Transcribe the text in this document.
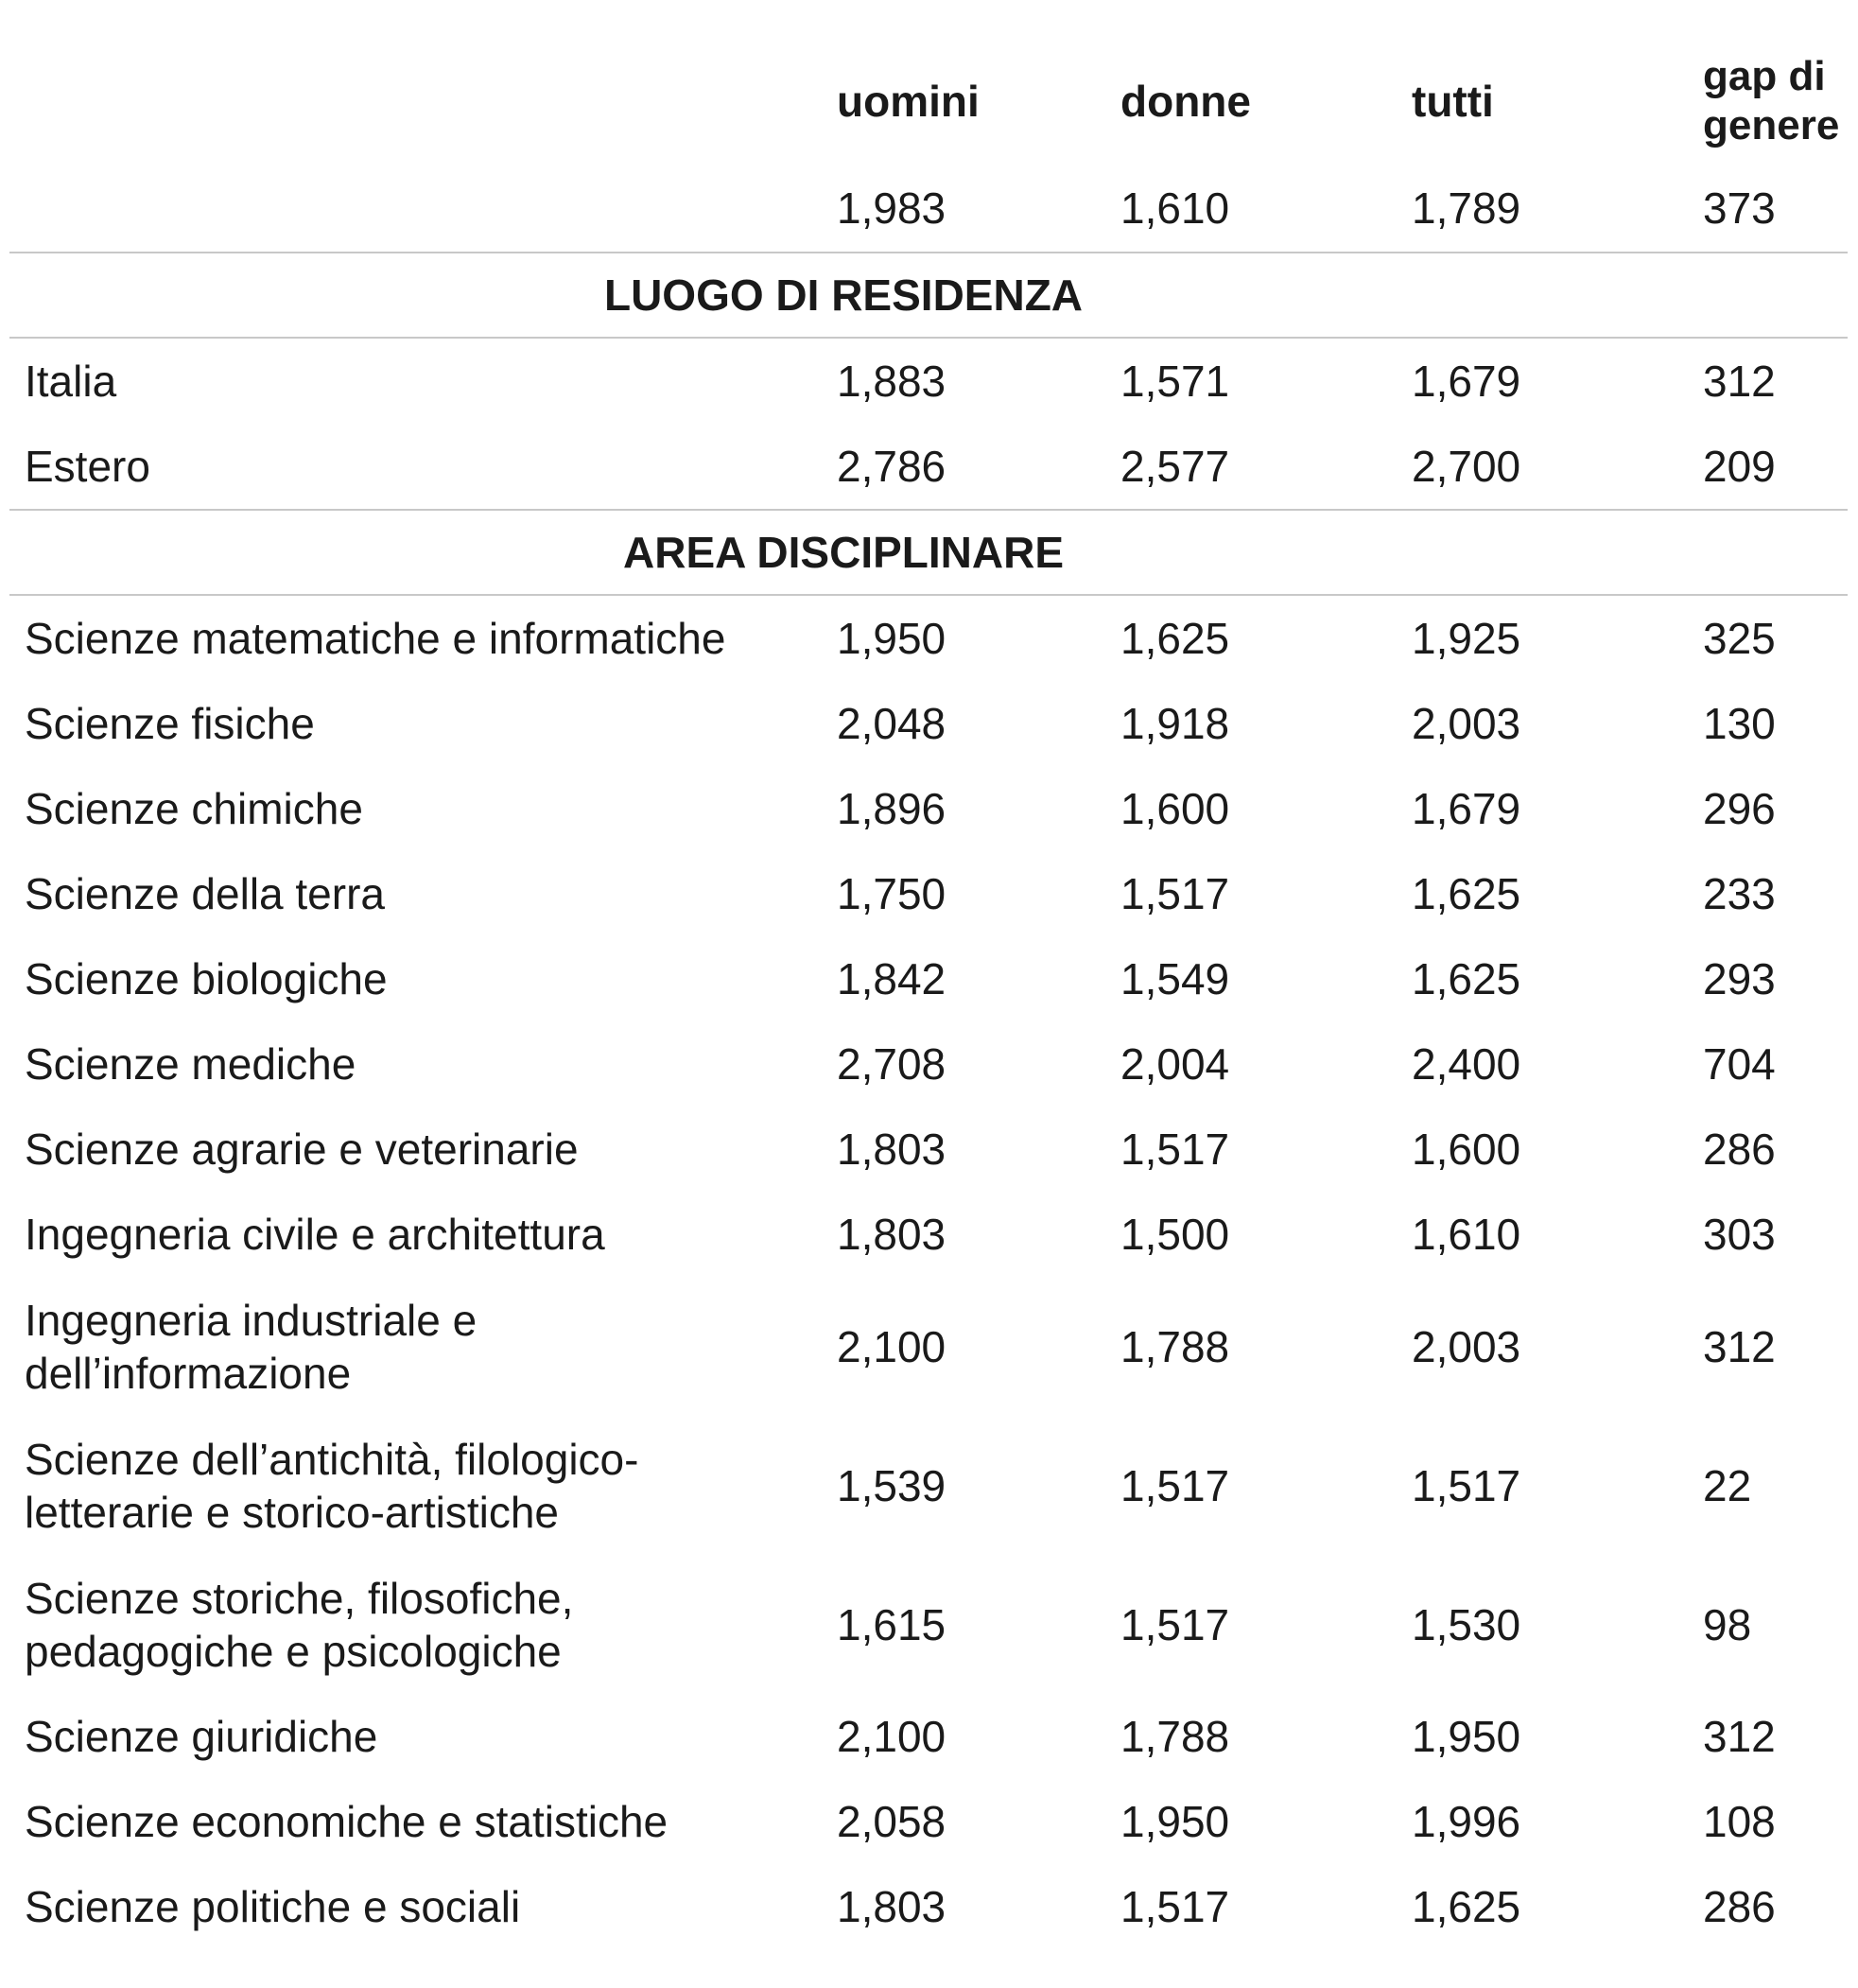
	uomini	donne	tutti	gap di
genere
	1,983	1,610	1,789	373
LUOGO DI RESIDENZA				
Italia	1,883	1,571	1,679	312
Estero	2,786	2,577	2,700	209
AREA DISCIPLINARE				
Scienze matematiche e informatiche	1,950	1,625	1,925	325
Scienze fisiche	2,048	1,918	2,003	130
Scienze chimiche	1,896	1,600	1,679	296
Scienze della terra	1,750	1,517	1,625	233
Scienze biologiche	1,842	1,549	1,625	293
Scienze mediche	2,708	2,004	2,400	704
Scienze agrarie e veterinarie	1,803	1,517	1,600	286
Ingegneria civile e architettura	1,803	1,500	1,610	303
Ingegneria industriale e
dell’informazione	2,100	1,788	2,003	312
Scienze dell’antichità, filologico-
letterarie e storico-artistiche	1,539	1,517	1,517	22
Scienze storiche, filosofiche,
pedagogiche e psicologiche	1,615	1,517	1,530	98
Scienze giuridiche	2,100	1,788	1,950	312
Scienze economiche e statistiche	2,058	1,950	1,996	108
Scienze politiche e sociali	1,803	1,517	1,625	286
